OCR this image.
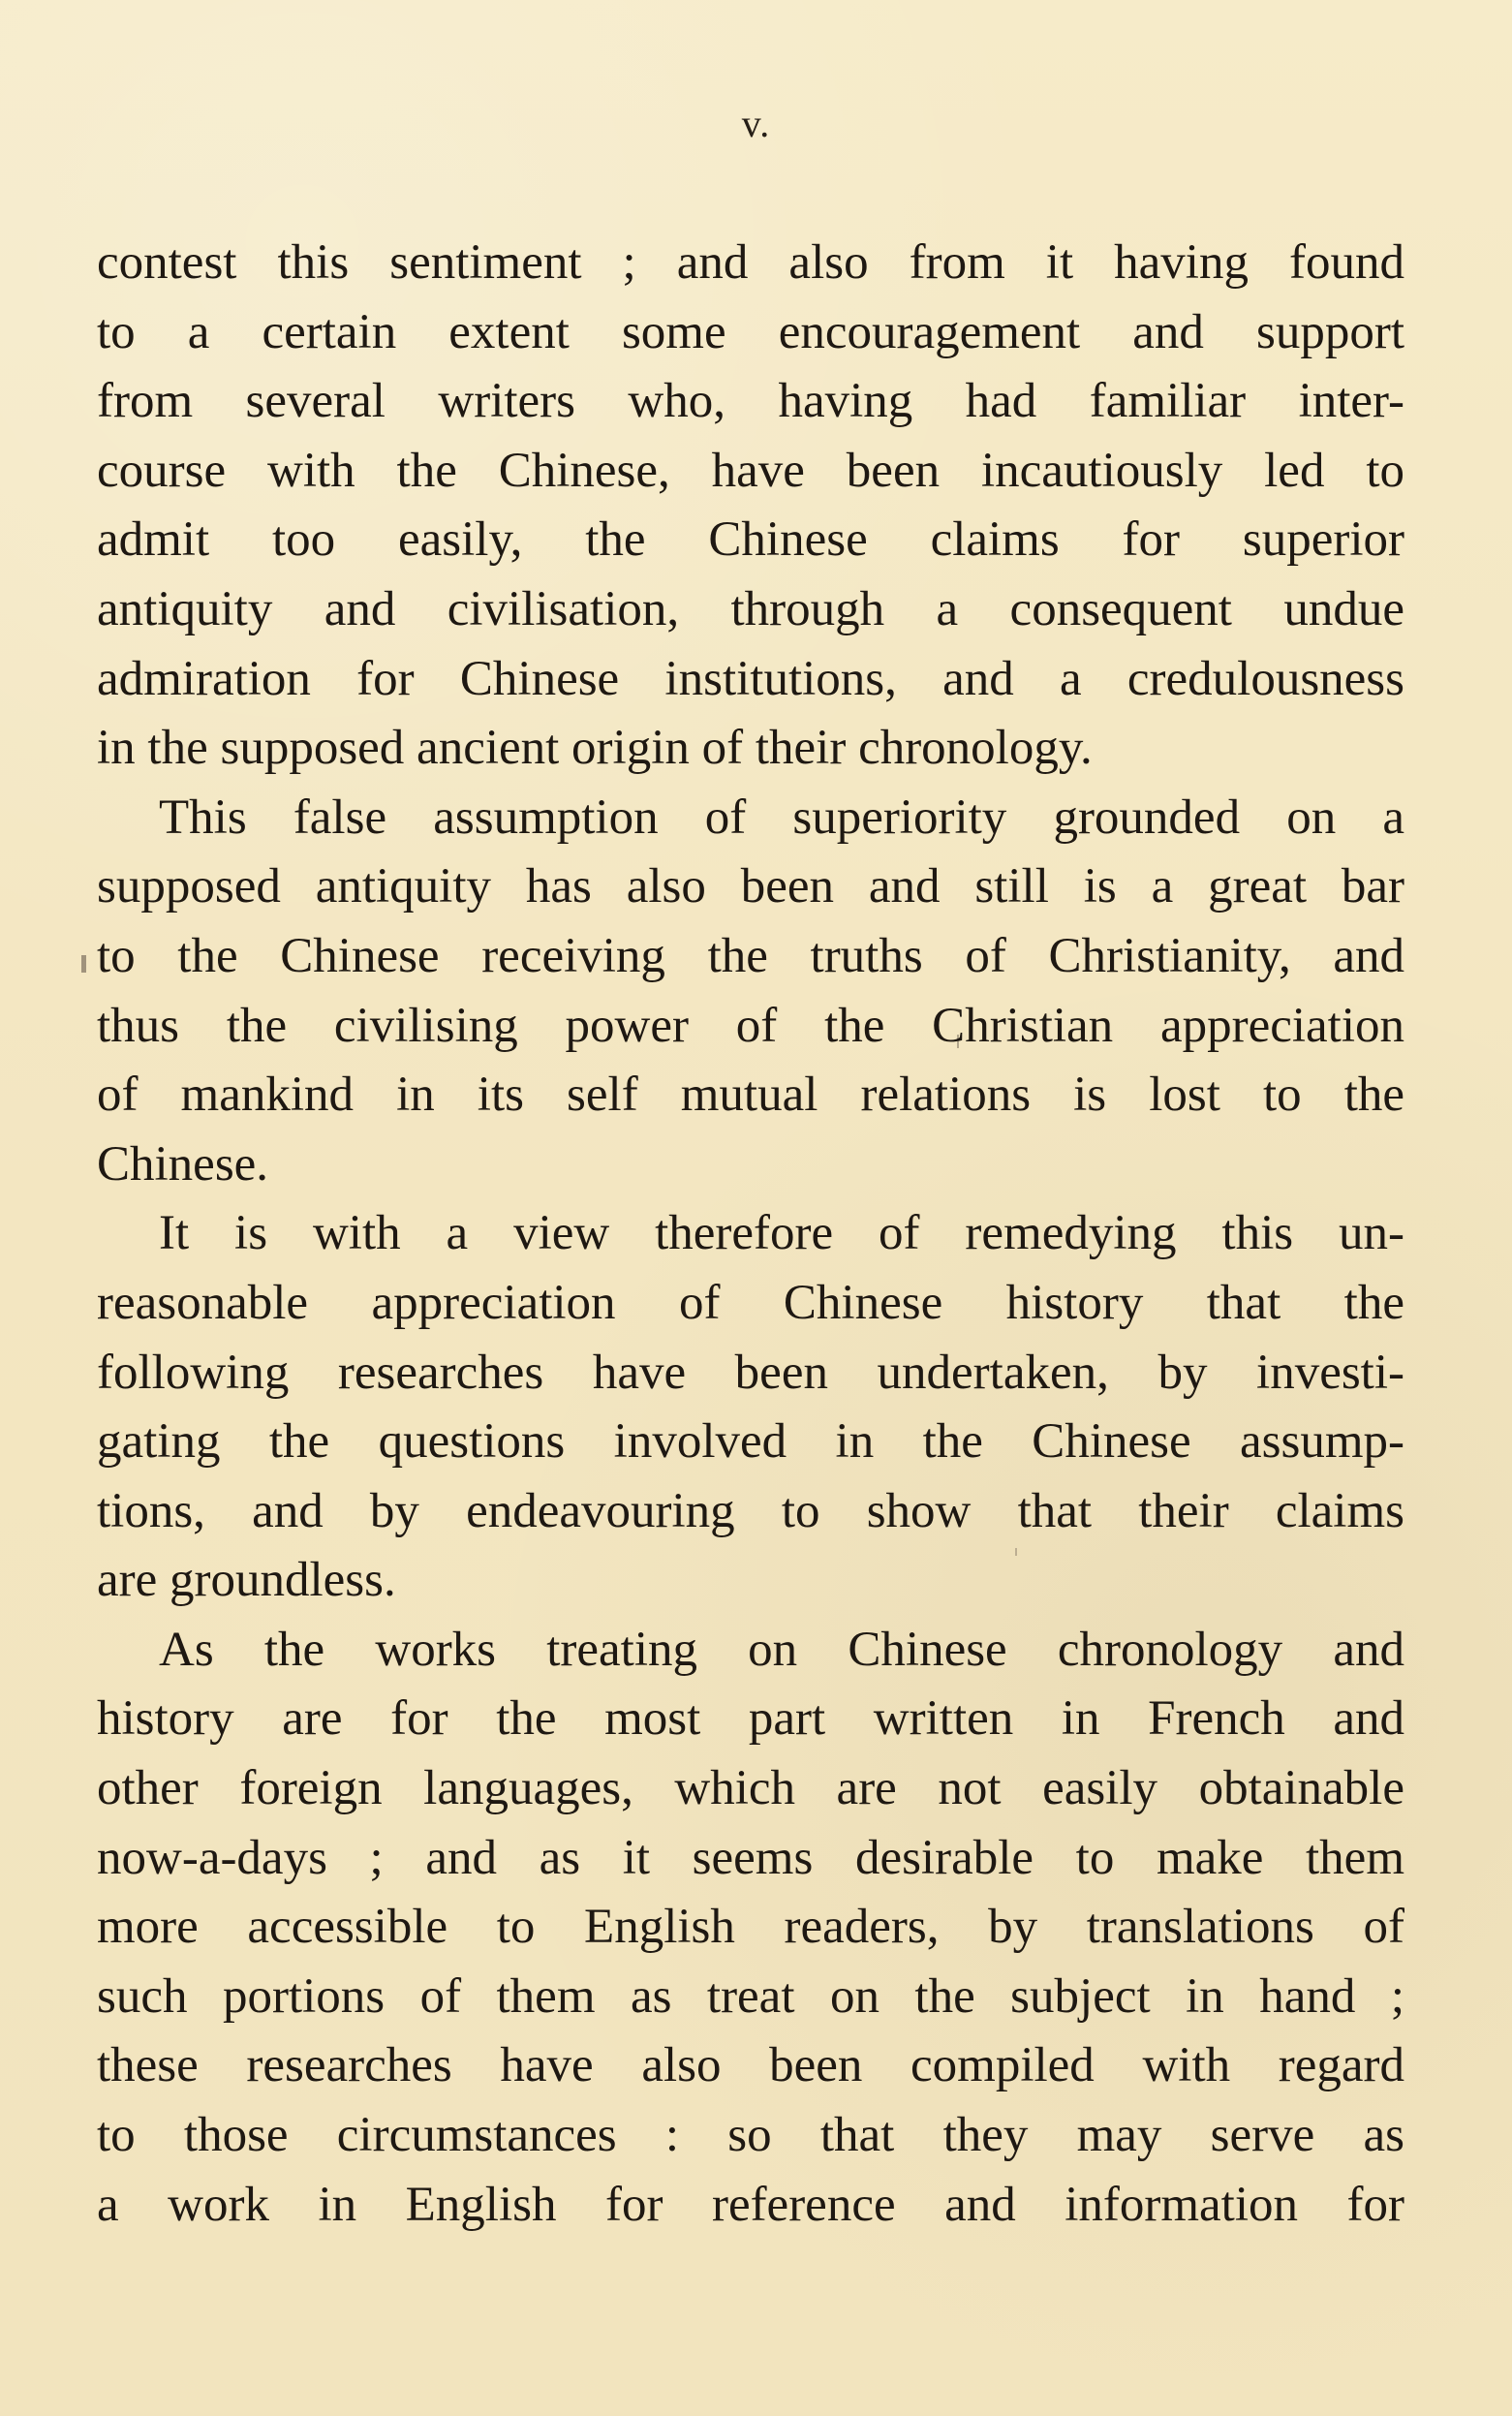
v.
contest this sentiment ; and also from it having found
to a certain extent some encouragement and support
from several writers who, having had familiar inter-
course with the Chinese, have been incautiously led to
admit too easily, the Chinese claims for superior
antiquity and civilisation, through a consequent undue
admiration for Chinese institutions, and a credulousness
in the supposed ancient origin of their chronology.
This false assumption of superiority grounded on a
supposed antiquity has also been and still is a great bar
to the Chinese receiving the truths of Christianity, and
thus the civilising power of the Christian appreciation
of mankind in its self mutual relations is lost to the
Chinese.
It is with a view therefore of remedying this un-
reasonable appreciation of Chinese history that the
following researches have been undertaken, by investi-
gating the questions involved in the Chinese assump-
tions, and by endeavouring to show that their claims
are groundless.
As the works treating on Chinese chronology and
history are for the most part written in French and
other foreign languages, which are not easily obtainable
now-a-days ; and as it seems desirable to make them
more accessible to English readers, by translations of
such portions of them as treat on the subject in hand ;
these researches have also been compiled with regard
to those circumstances : so that they may serve as
a work in English for reference and information for
